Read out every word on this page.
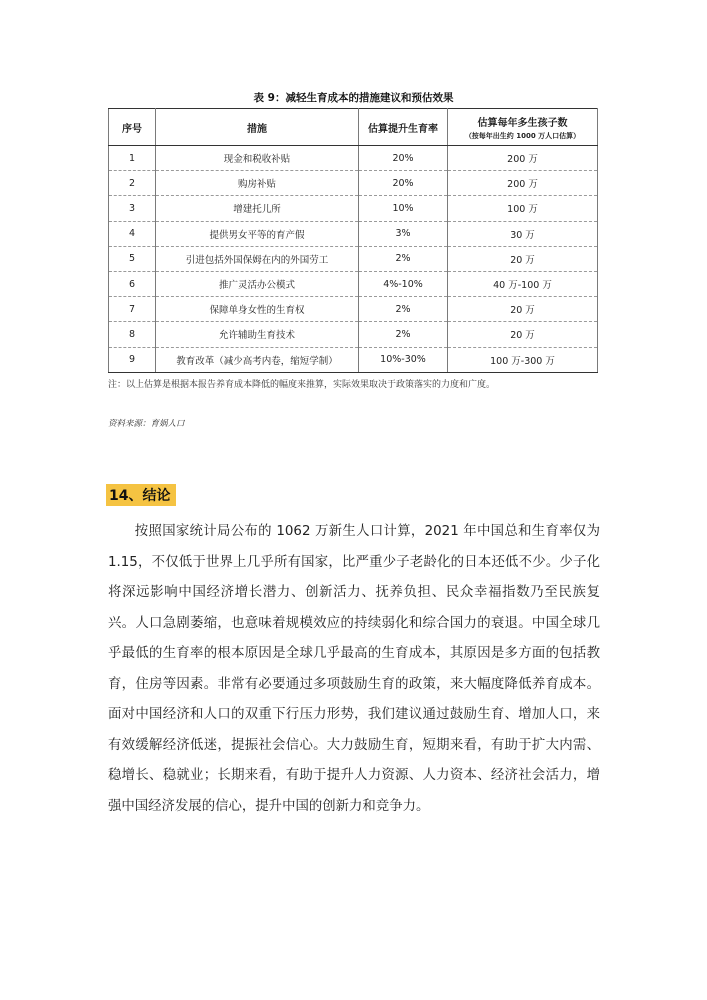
表 9：减轻生育成本的措施建议和预估效果
序号	措施	估算提升生育率	估算每年多生孩子数
（按每年出生约 1000 万人口估算）

1	现金和税收补贴	20%	200 万
2	购房补贴	20%	200 万
3	增建托儿所	10%	100 万
4	提供男女平等的育产假	3%	30 万
5	引进包括外国保姆在内的外国劳工	2%	20 万
6	推广灵活办公模式	4%-10%	40 万-100 万
7	保障单身女性的生育权	2%	20 万
8	允许辅助生育技术	2%	20 万
9	教育改革（减少高考内卷，缩短学制）	10%-30%	100 万-300 万
注：以上估算是根据本报告养育成本降低的幅度来推算，实际效果取决于政策落实的力度和广度。
资料来源：育娲人口
14、结论

按照国家统计局公布的 1062 万新生人口计算，2021 年中国总和生育率仅为 1.15，不仅低于世界上几乎所有国家，比严重少子老龄化的日本还低不少。少子化将深远影响中国经济增长潜力、创新活力、抚养负担、民众幸福指数乃至民族复兴。人口急剧萎缩，也意味着规模效应的持续弱化和综合国力的衰退。中国全球几乎最低的生育率的根本原因是全球几乎最高的生育成本，其原因是多方面的包括教育，住房等因素。非常有必要通过多项鼓励生育的政策，来大幅度降低养育成本。面对中国经济和人口的双重下行压力形势，我们建议通过鼓励生育、增加人口，来有效缓解经济低迷，提振社会信心。大力鼓励生育，短期来看，有助于扩大内需、稳增长、稳就业；长期来看，有助于提升人力资源、人力资本、经济社会活力，增强中国经济发展的信心，提升中国的创新力和竞争力。
